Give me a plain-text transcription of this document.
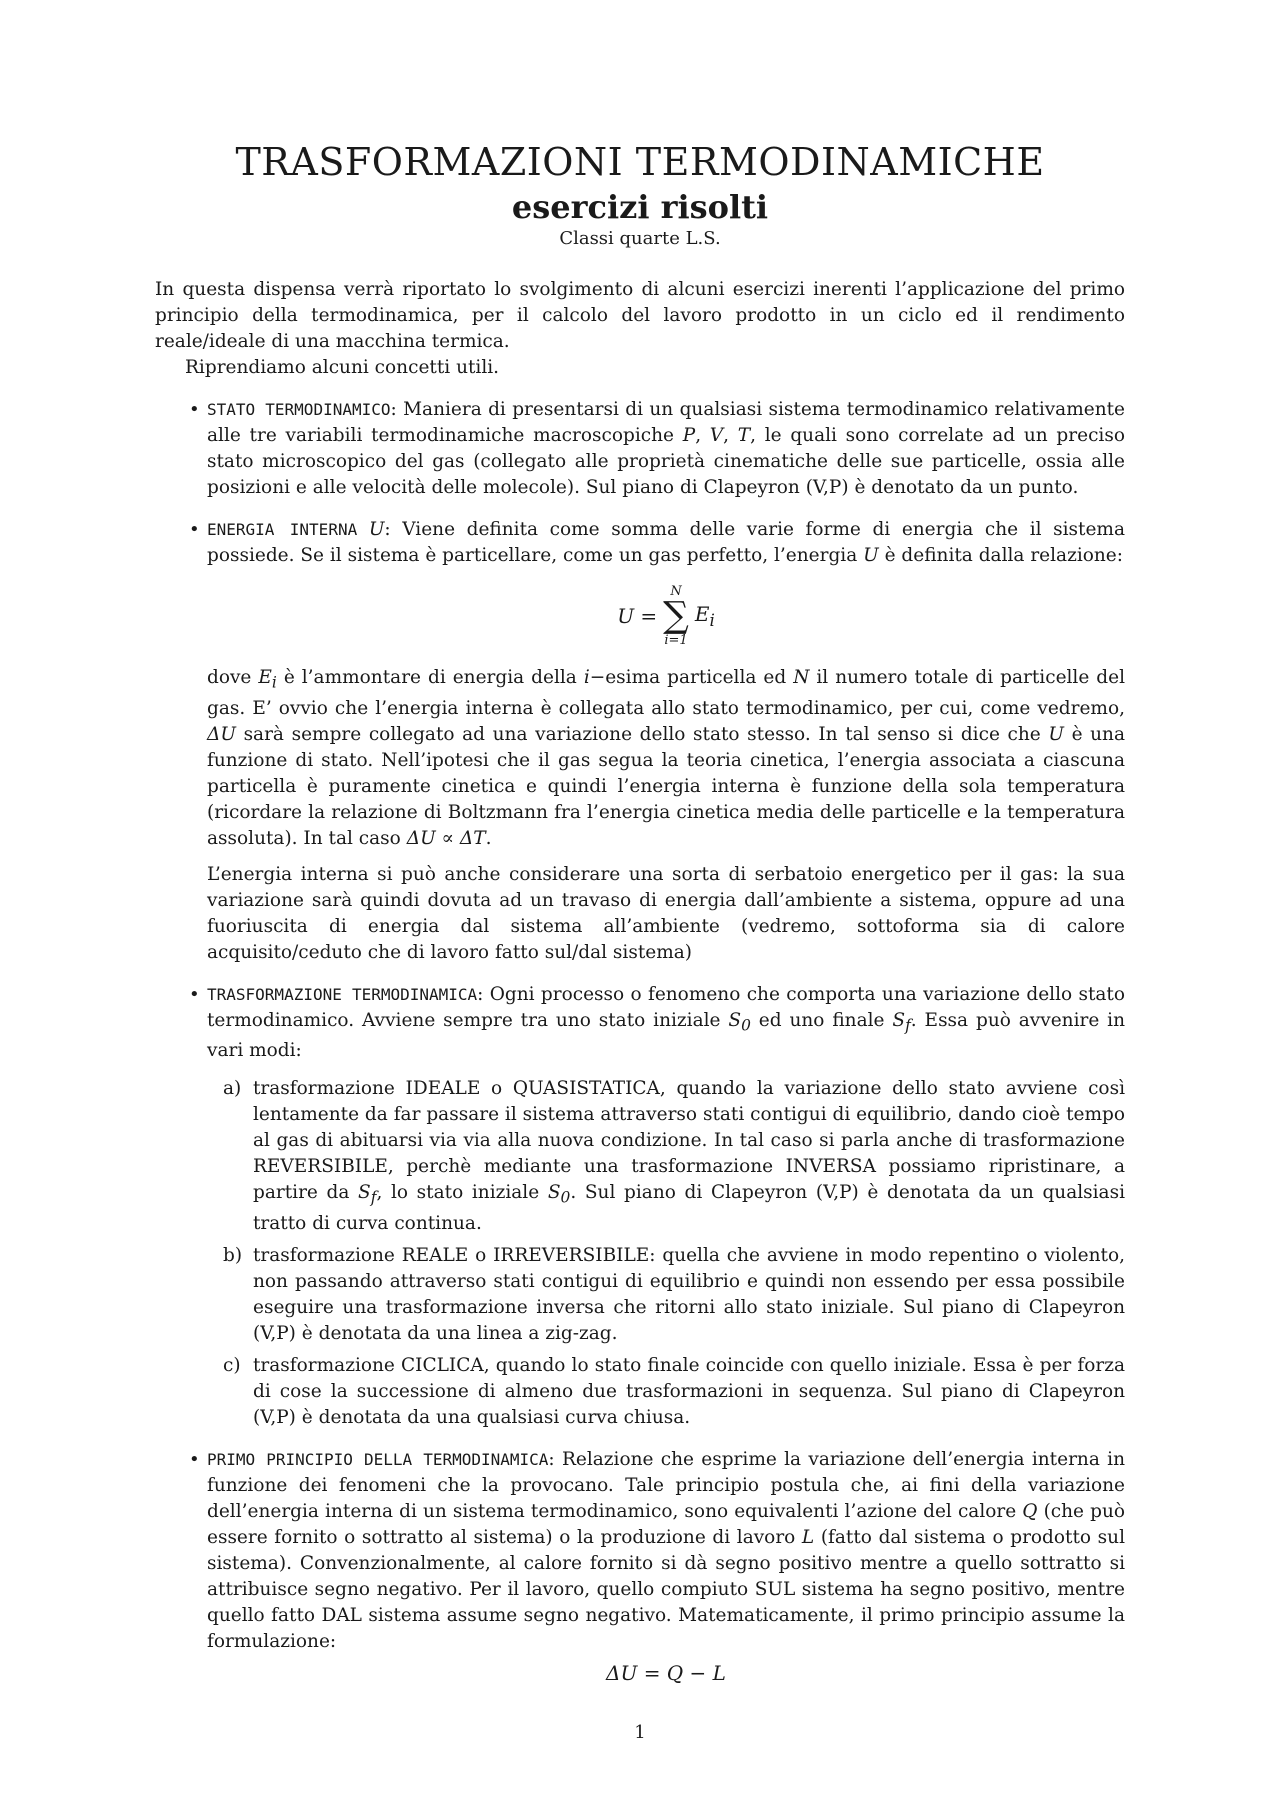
TRASFORMAZIONI TERMODINAMICHE
esercizi risolti
Classi quarte L.S.

In questa dispensa verrà riportato lo svolgimento di alcuni esercizi inerenti l’applicazione del primo principio della termodinamica, per il calcolo del lavoro prodotto in un ciclo ed il rendimento reale/ideale di una macchina termica.

Riprendiamo alcuni concetti utili.

• STATO TERMODINAMICO: Maniera di presentarsi di un qualsiasi sistema termodinamico relativamente alle tre variabili termodinamiche macroscopiche P, V, T, le quali sono correlate ad un preciso stato microscopico del gas (collegato alle proprietà cinematiche delle sue particelle, ossia alle posizioni e alle velocità delle molecole). Sul piano di Clapeyron (V,P) è denotato da un punto.

• ENERGIA INTERNA U: Viene definita come somma delle varie forme di energia che il sistema possiede. Se il sistema è particellare, come un gas perfetto, l’energia U è definita dalla relazione:

U =
N
∑
i=1
$E_i$

dove $E_i$ è l’ammontare di energia della i−esima particella ed N il numero totale di particelle del gas. E’ ovvio che l’energia interna è collegata allo stato termodinamico, per cui, come vedremo, ΔU sarà sempre collegato ad una variazione dello stato stesso. In tal senso si dice che U è una funzione di stato. Nell’ipotesi che il gas segua la teoria cinetica, l’energia associata a ciascuna particella è puramente cinetica e quindi l’energia interna è funzione della sola temperatura (ricordare la relazione di Boltzmann fra l’energia cinetica media delle particelle e la temperatura assoluta). In tal caso ΔU ∝ ΔT.

L’energia interna si può anche considerare una sorta di serbatoio energetico per il gas: la sua variazione sarà quindi dovuta ad un travaso di energia dall’ambiente a sistema, oppure ad una fuoriuscita di energia dal sistema all’ambiente (vedremo, sottoforma sia di calore acquisito/ceduto che di lavoro fatto sul/dal sistema)

• TRASFORMAZIONE TERMODINAMICA: Ogni processo o fenomeno che comporta una variazione dello stato termodinamico. Avviene sempre tra uno stato iniziale $S_0$ ed uno finale $S_f$. Essa può avvenire in vari modi:

a) trasformazione IDEALE o QUASISTATICA, quando la variazione dello stato avviene così lentamente da far passare il sistema attraverso stati contigui di equilibrio, dando cioè tempo al gas di abituarsi via via alla nuova condizione. In tal caso si parla anche di trasformazione REVERSIBILE, perchè mediante una trasformazione INVERSA possiamo ripristinare, a partire da $S_f$, lo stato iniziale $S_0$. Sul piano di Clapeyron (V,P) è denotata da un qualsiasi tratto di curva continua.

b) trasformazione REALE o IRREVERSIBILE: quella che avviene in modo repentino o violento, non passando attraverso stati contigui di equilibrio e quindi non essendo per essa possibile eseguire una trasformazione inversa che ritorni allo stato iniziale. Sul piano di Clapeyron (V,P) è denotata da una linea a zig-zag.

c) trasformazione CICLICA, quando lo stato finale coincide con quello iniziale. Essa è per forza di cose la successione di almeno due trasformazioni in sequenza. Sul piano di Clapeyron (V,P) è denotata da una qualsiasi curva chiusa.

• PRIMO PRINCIPIO DELLA TERMODINAMICA: Relazione che esprime la variazione dell’energia interna in funzione dei fenomeni che la provocano. Tale principio postula che, ai fini della variazione dell’energia interna di un sistema termodinamico, sono equivalenti l’azione del calore Q (che può essere fornito o sottratto al sistema) o la produzione di lavoro L (fatto dal sistema o prodotto sul sistema). Convenzionalmente, al calore fornito si dà segno positivo mentre a quello sottratto si attribuisce segno negativo. Per il lavoro, quello compiuto SUL sistema ha segno positivo, mentre quello fatto DAL sistema assume segno negativo. Matematicamente, il primo principio assume la formulazione:

ΔU = Q − L
1
